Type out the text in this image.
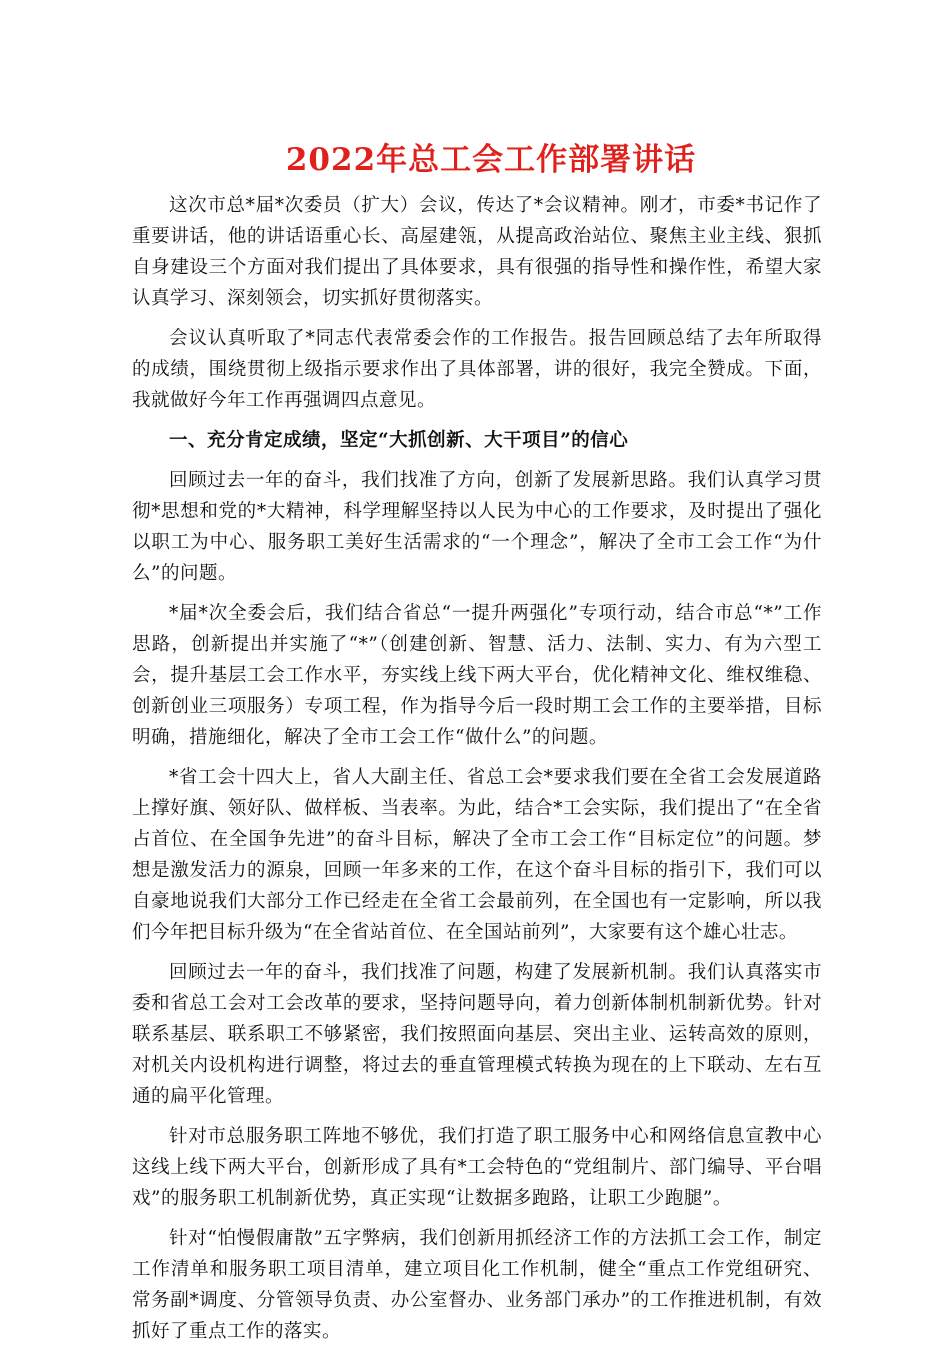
2022年总工会工作部署讲话

这次市总*届*次委员（扩大）会议，传达了*会议精神。刚才，市委*书记作了重要讲话，他的讲话语重心长、高屋建瓴，从提高政治站位、聚焦主业主线、狠抓自身建设三个方面对我们提出了具体要求，具有很强的指导性和操作性，希望大家认真学习、深刻领会，切实抓好贯彻落实。

会议认真听取了*同志代表常委会作的工作报告。报告回顾总结了去年所取得的成绩，围绕贯彻上级指示要求作出了具体部署，讲的很好，我完全赞成。下面，我就做好今年工作再强调四点意见。

一、充分肯定成绩，坚定“大抓创新、大干项目”的信心

回顾过去一年的奋斗，我们找准了方向，创新了发展新思路。我们认真学习贯彻*思想和党的*大精神，科学理解坚持以人民为中心的工作要求，及时提出了强化以职工为中心、服务职工美好生活需求的“一个理念”，解决了全市工会工作“为什么”的问题。

*届*次全委会后，我们结合省总“一提升两强化”专项行动，结合市总“*”工作思路，创新提出并实施了“*”（创建创新、智慧、活力、法制、实力、有为六型工会，提升基层工会工作水平，夯实线上线下两大平台，优化精神文化、维权维稳、创新创业三项服务）专项工程，作为指导今后一段时期工会工作的主要举措，目标明确，措施细化，解决了全市工会工作“做什么”的问题。

*省工会十四大上，省人大副主任、省总工会*要求我们要在全省工会发展道路上撑好旗、领好队、做样板、当表率。为此，结合*工会实际，我们提出了“在全省占首位、在全国争先进”的奋斗目标，解决了全市工会工作“目标定位”的问题。梦想是激发活力的源泉，回顾一年多来的工作，在这个奋斗目标的指引下，我们可以自豪地说我们大部分工作已经走在全省工会最前列，在全国也有一定影响，所以我们今年把目标升级为“在全省站首位、在全国站前列”，大家要有这个雄心壮志。

回顾过去一年的奋斗，我们找准了问题，构建了发展新机制。我们认真落实市委和省总工会对工会改革的要求，坚持问题导向，着力创新体制机制新优势。针对联系基层、联系职工不够紧密，我们按照面向基层、突出主业、运转高效的原则，对机关内设机构进行调整，将过去的垂直管理模式转换为现在的上下联动、左右互通的扁平化管理。

针对市总服务职工阵地不够优，我们打造了职工服务中心和网络信息宣教中心这线上线下两大平台，创新形成了具有*工会特色的“党组制片、部门编导、平台唱戏”的服务职工机制新优势，真正实现“让数据多跑路，让职工少跑腿”。

针对“怕慢假庸散”五字弊病，我们创新用抓经济工作的方法抓工会工作，制定工作清单和服务职工项目清单，建立项目化工作机制，健全“重点工作党组研究、常务副*调度、分管领导负责、办公室督办、业务部门承办”的工作推进机制，有效抓好了重点工作的落实。
